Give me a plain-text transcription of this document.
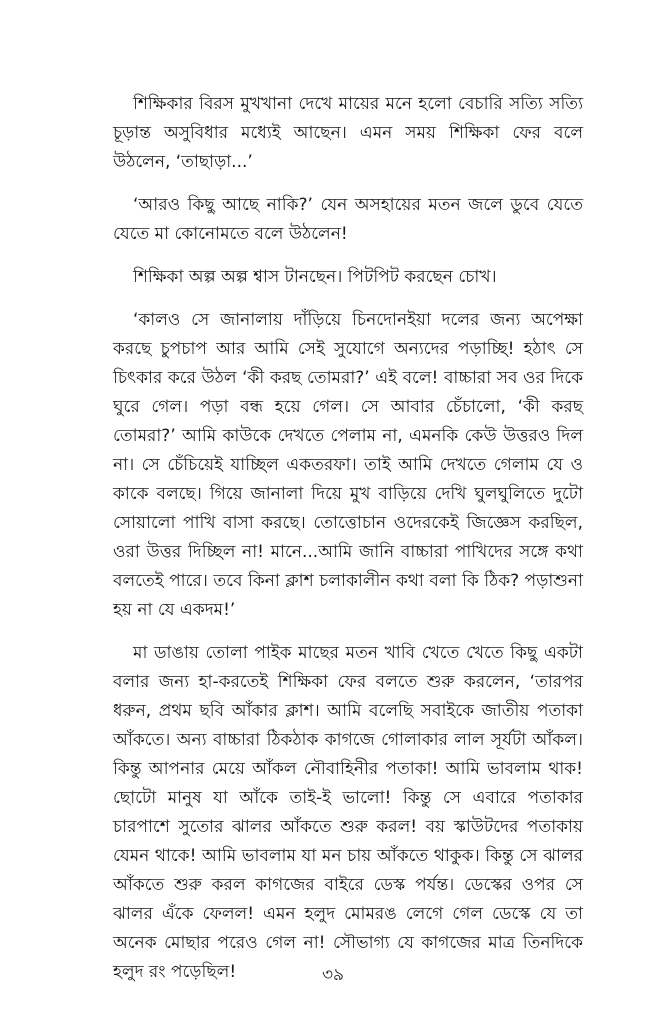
শিক্ষিকার বিরস মুখখানা দেখে মায়ের মনে হলো বেচারি সত্যি সত্যি চূড়ান্ত অসুবিধার মধ্যেই আছেন। এমন সময় শিক্ষিকা ফের বলে উঠলেন, ‘তাছাড়া...’

‘আরও কিছু আছে নাকি?’ যেন অসহায়ের মতন জলে ডুবে যেতে যেতে মা কোনোমতে বলে উঠলেন!

শিক্ষিকা অল্প অল্প শ্বাস টানছেন। পিটপিট করছেন চোখ।

‘কালও সে জানালায় দাঁড়িয়ে চিনদোনইয়া দলের জন্য অপেক্ষা করছে চুপচাপ আর আমি সেই সুযোগে অন্যদের পড়াচ্ছি! হঠাৎ সে চিৎকার করে উঠল ‘কী করছ তোমরা?’ এই বলে! বাচ্চারা সব ওর দিকে ঘুরে গেল। পড়া বন্ধ হয়ে গেল। সে আবার চেঁচালো, ‘কী করছ তোমরা?’ আমি কাউকে দেখতে পেলাম না, এমনকি কেউ উত্তরও দিল না। সে চেঁচিয়েই যাচ্ছিল একতরফা। তাই আমি দেখতে গেলাম যে ও কাকে বলছে। গিয়ে জানালা দিয়ে মুখ বাড়িয়ে দেখি ঘুলঘুলিতে দুটো সোয়ালো পাখি বাসা করছে। তোত্তোচান ওদেরকেই জিজ্ঞেস করছিল, ওরা উত্তর দিচ্ছিল না! মানে...আমি জানি বাচ্চারা পাখিদের সঙ্গে কথা বলতেই পারে। তবে কিনা ক্লাশ চলাকালীন কথা বলা কি ঠিক? পড়াশুনা হয় না যে একদম!’

মা ডাঙায় তোলা পাইক মাছের মতন খাবি খেতে খেতে কিছু একটা বলার জন্য হা-করতেই শিক্ষিকা ফের বলতে শুরু করলেন, ‘তারপর ধরুন, প্রথম ছবি আঁকার ক্লাশ। আমি বলেছি সবাইকে জাতীয় পতাকা আঁকতে। অন্য বাচ্চারা ঠিকঠাক কাগজে গোলাকার লাল সূর্যটা আঁকল। কিন্তু আপনার মেয়ে আঁকল নৌবাহিনীর পতাকা! আমি ভাবলাম থাক! ছোটো মানুষ যা আঁকে তাই-ই ভালো! কিন্তু সে এবারে পতাকার চারপাশে সুতোর ঝালর আঁকতে শুরু করল! বয় স্কাউটদের পতাকায় যেমন থাকে! আমি ভাবলাম যা মন চায় আঁকতে থাকুক। কিন্তু সে ঝালর আঁকতে শুরু করল কাগজের বাইরে ডেস্ক পর্যন্ত। ডেস্কের ওপর সে ঝালর এঁকে ফেলল! এমন হলুদ মোমরঙ লেগে গেল ডেস্কে যে তা অনেক মোছার পরেও গেল না! সৌভাগ্য যে কাগজের মাত্র তিনদিকে হলুদ রং পড়েছিল!	৩৯
